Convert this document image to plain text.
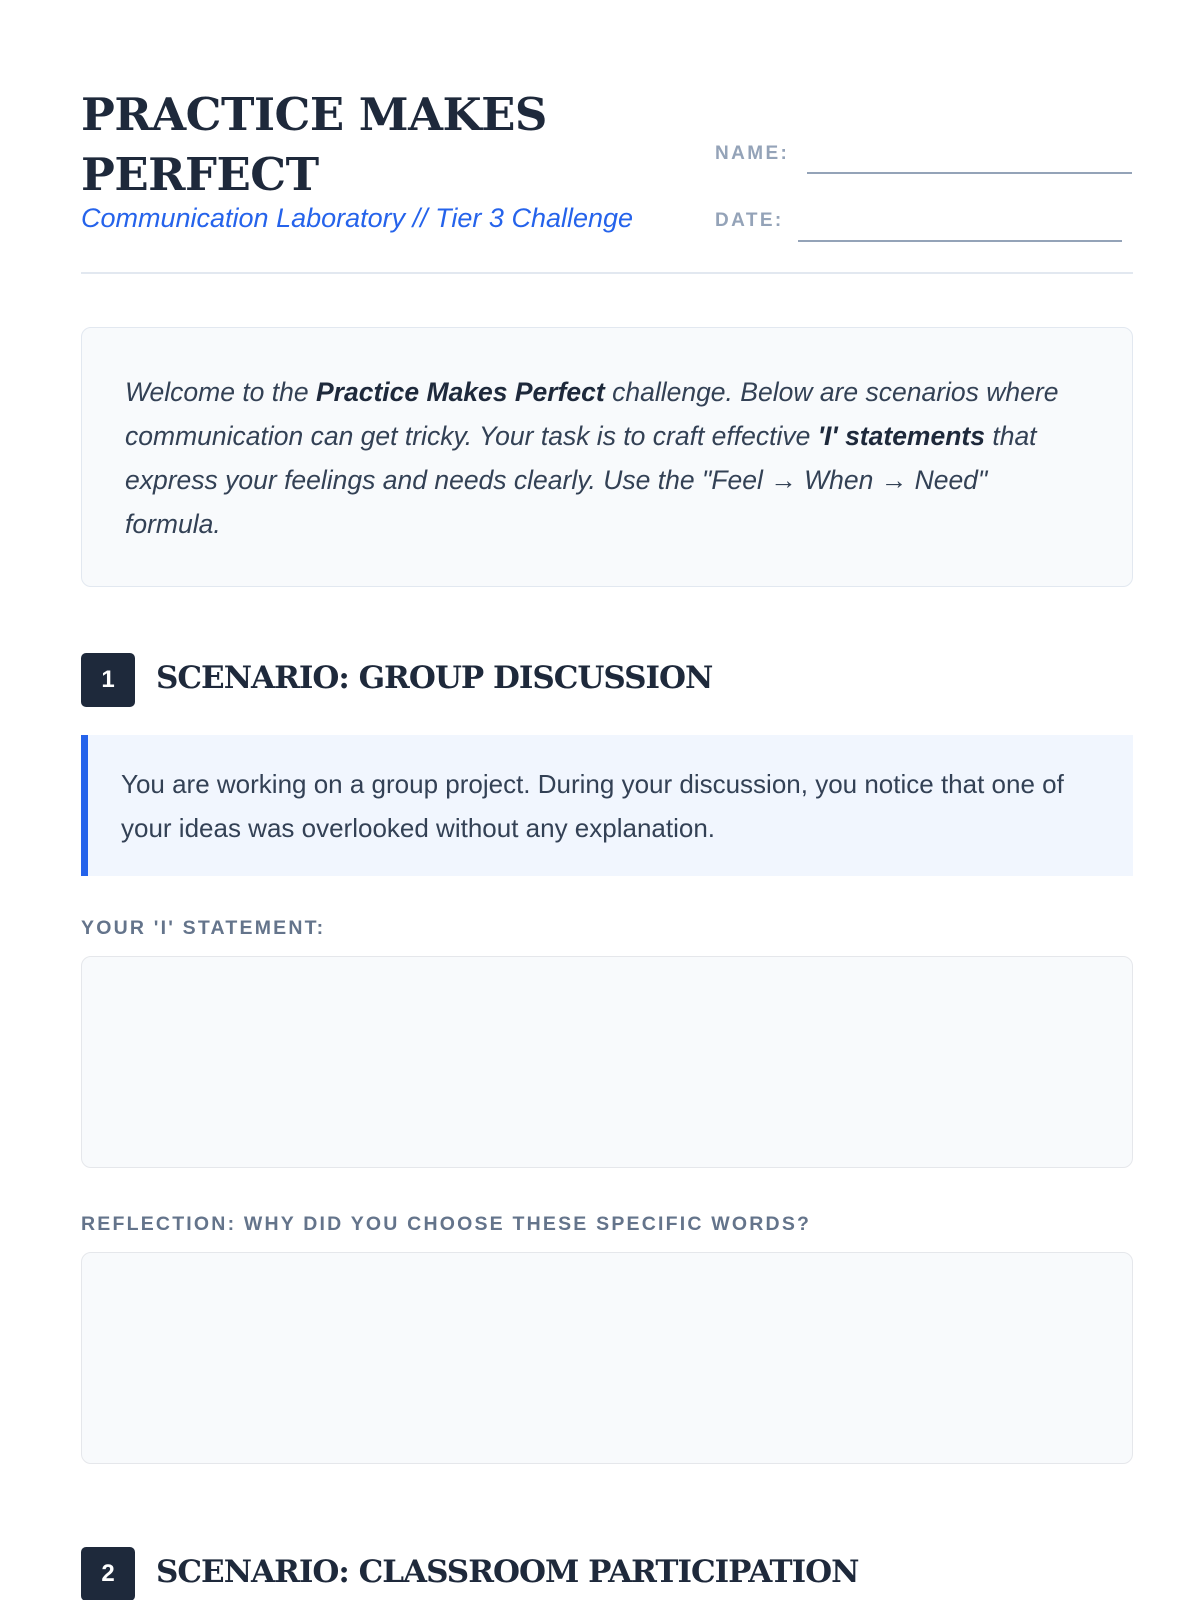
PRACTICE MAKES PERFECT
Communication Laboratory // Tier 3 Challenge
NAME:
DATE:

Welcome to the Practice Makes Perfect challenge. Below are scenarios where communication can get tricky. Your task is to craft effective 'I' statements that express your feelings and needs clearly. Use the "Feel → When → Need" formula.

1	SCENARIO: GROUP DISCUSSION
You are working on a group project. During your discussion, you notice that one of your ideas was overlooked without any explanation.
YOUR 'I' STATEMENT:
REFLECTION: WHY DID YOU CHOOSE THESE SPECIFIC WORDS?
2	SCENARIO: CLASSROOM PARTICIPATION
